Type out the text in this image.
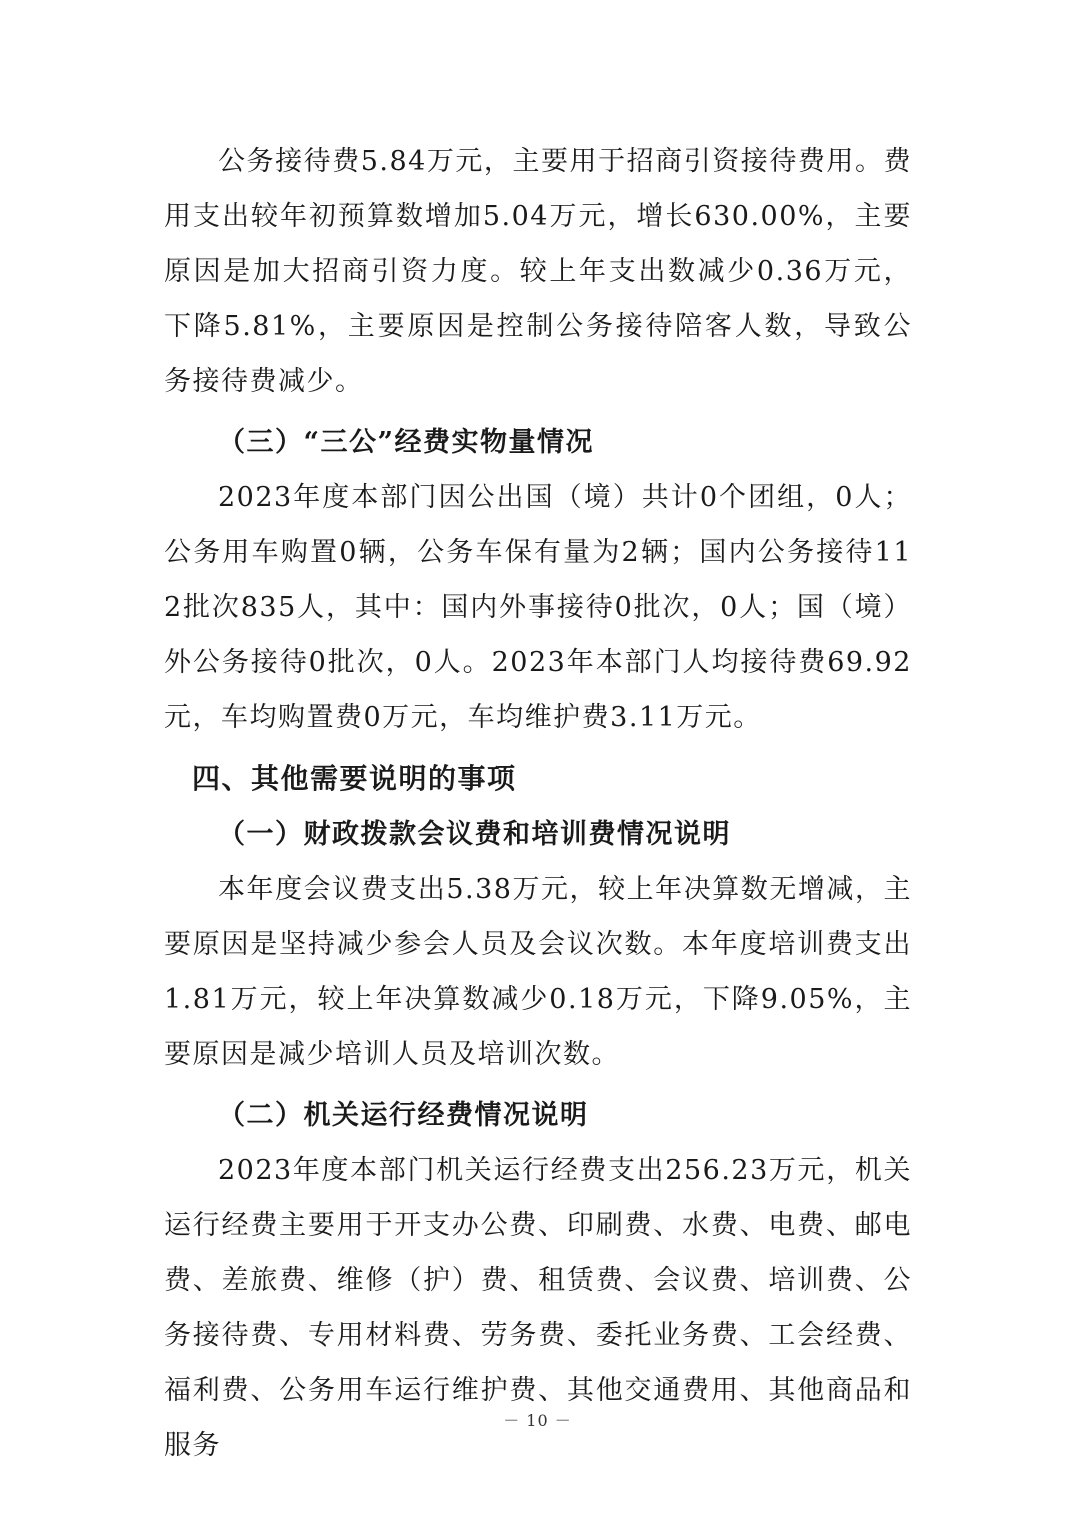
公务接待费5.84万元，主要用于招商引资接待费用。费用支出较年初预算数增加5.04万元，增长630.00%，主要原因是加大招商引资力度。较上年支出数减少0.36万元，下降5.81%，主要原因是控制公务接待陪客人数，导致公务接待费减少。

（三）“三公”经费实物量情况

2023年度本部门因公出国（境）共计0个团组，0人；公务用车购置0辆，公务车保有量为2辆；国内公务接待112批次835人，其中：国内外事接待0批次，0人；国（境）外公务接待0批次，0人。2023年本部门人均接待费69.92元，车均购置费0万元，车均维护费3.11万元。

四、其他需要说明的事项

（一）财政拨款会议费和培训费情况说明

本年度会议费支出5.38万元，较上年决算数无增减，主要原因是坚持减少参会人员及会议次数。本年度培训费支出1.81万元，较上年决算数减少0.18万元，下降9.05%，主要原因是减少培训人员及培训次数。

（二）机关运行经费情况说明

2023年度本部门机关运行经费支出256.23万元，机关运行经费主要用于开支办公费、印刷费、水费、电费、邮电费、差旅费、维修（护）费、租赁费、会议费、培训费、公务接待费、专用材料费、劳务费、委托业务费、工会经费、福利费、公务用车运行维护费、其他交通费用、其他商品和服务

－ 10 －
